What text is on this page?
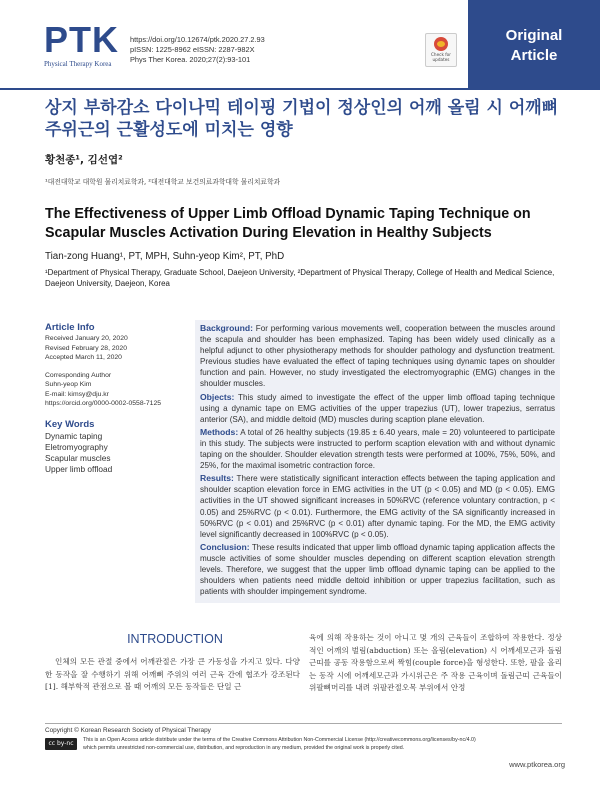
PTK
Physical Therapy Korea
https://doi.org/10.12674/ptk.2020.27.2.93
pISSN: 1225-8962 eISSN: 2287-982X
Phys Ther Korea. 2020;27(2):93-101
Check for
updates
Original
Article
상지 부하감소 다이나믹 테이핑 기법이 정상인의 어깨 올림 시 어깨뼈 주위근의 근활성도에 미치는 영향
황천종¹, 김선엽²
¹대전대학교 대학원 물리치료학과, ²대전대학교 보건의료과학대학 물리치료학과
The Effectiveness of Upper Limb Offload Dynamic Taping Technique on Scapular Muscles Activation During Elevation in Healthy Subjects
Tian-zong Huang¹, PT, MPH, Suhn-yeop Kim², PT, PhD
¹Department of Physical Therapy, Graduate School, Daejeon University, ²Department of Physical Therapy, College of Health and Medical Science, Daejeon University, Daejeon, Korea
Article Info
Received January 20, 2020
Revised February 28, 2020
Accepted March 11, 2020
Corresponding Author
Suhn-yeop Kim
E-mail: kimsy@dju.kr
https://orcid.org/0000-0002-0558-7125
Key Words
Dynamic taping
Eletromyography
Scapular muscles
Upper limb offload

Background: For performing various movements well, cooperation between the muscles around the scapula and shoulder has been emphasized. Taping has been widely used clinically as a helpful adjunct to other physiotherapy methods for shoulder pathology and dysfunction treatment. Previous studies have evaluated the effect of taping techniques using dynamic tapes on shoulder function and pain. However, no study investigated the electromyographic (EMG) changes in the shoulder muscles.

Objects: This study aimed to investigate the effect of the upper limb offload taping technique using a dynamic tape on EMG activities of the upper trapezius (UT), lower trapezius, serratus anterior (SA), and middle deltoid (MD) muscles during scaption plane elevation.

Methods: A total of 26 healthy subjects (19.85 ± 6.40 years, male = 20) volunteered to participate in this study. The subjects were instructed to perform scaption elevation with and without dynamic taping on the shoulder. Shoulder elevation strength tests were performed at 100%, 75%, 50%, and 25%, for the maximal isometric contraction force.

Results: There were statistically significant interaction effects between the taping application and shoulder scaption elevation force in EMG activities in the UT (p < 0.05) and MD (p < 0.05). EMG activities in the UT showed significant increases in 50%RVC (reference voluntary contraction, p < 0.05) and 25%RVC (p < 0.01). Furthermore, the EMG activity of the SA significantly increased in 50%RVC (p < 0.01) and 25%RVC (p < 0.01) after dynamic taping. For the MD, the EMG activity level significantly decreased in 100%RVC (p < 0.05).

Conclusion: These results indicated that upper limb offload dynamic taping application affects the muscle activities of some shoulder muscles depending on different scaption elevation strength levels. Therefore, we suggest that the upper limb offload dynamic taping can be applied to the shoulders when patients need middle deltoid inhibition or upper trapezius facilitation, such as patients with shoulder impingement syndrome.

INTRODUCTION
인체의 모든 관절 중에서 어깨관절은 가장 큰 가동성을 가지고 있다. 다양한 동작을 잘 수행하기 위해 어깨뼈 주위의 여러 근육 간에 협조가 강조된다[1]. 해부학적 관점으로 볼 때 어깨의 모든 동작들은 단일 근
육에 의해 작용하는 것이 아니고 몇 개의 근육들이 조합하여 작용한다. 정상적인 어깨의 벌림(abduction) 또는 올림(elevation) 시 어깨세모근과 돌림근띠를 공동 작용함으로써 짝힘(couple force)을 형성한다. 또한, 팔을 올리는 동작 시에 어깨세모근과 가시위근은 주 작용 근육이며 돌림근띠 근육들이 위팔뼈머리를 내려 위팔관절오목 부위에서 안정
Copyright © Korean Research Society of Physical Therapy
cc by-nc	This is an Open Access article distribute under the terms of the Creative Commons Attribution Non-Commercial License (http://creativecommons.org/licenses/by-nc/4.0)
which permits unrestricted non-commercial use, distribution, and reproduction in any medium, provided the original work is properly cited.
www.ptkorea.org
